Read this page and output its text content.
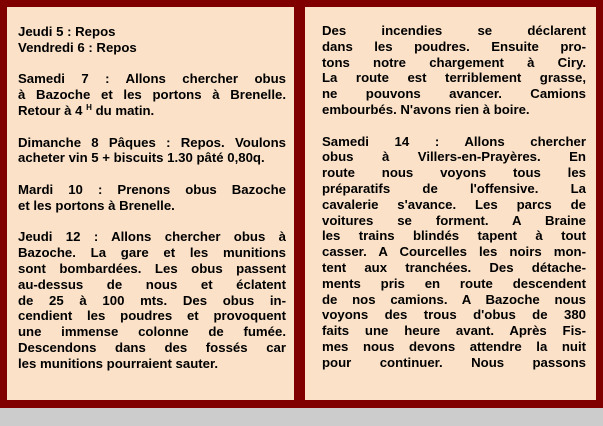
Jeudi 5 : Repos
Vendredi 6 : Repos
Samedi 7 : Allons chercher obus
à Bazoche et les portons à Brenelle.
Retour à 4 $^H$ du matin.
Dimanche 8 Pâques : Repos. Voulons
acheter vin 5 + biscuits 1.30 pâté 0,80q.
Mardi 10 : Prenons obus Bazoche
et les portons à Brenelle.
Jeudi 12 : Allons chercher obus à
Bazoche. La gare et les munitions
sont bombardées. Les obus passent
au-dessus de nous et éclatent
de 25 à 100 mts. Des obus in-
cendient les poudres et provoquent
une immense colonne de fumée.
Descendons dans des fossés car
les munitions pourraient sauter.
Des incendies se déclarent
dans les poudres. Ensuite pro-
tons notre chargement à Ciry.
La route est terriblement grasse,
ne pouvons avancer. Camions
embourbés. N'avons rien à boire.
Samedi 14 : Allons chercher
obus à Villers-en-Prayères. En
route nous voyons tous les
préparatifs de l'offensive. La
cavalerie s'avance. Les parcs de
voitures se forment. A Braine
les trains blindés tapent à tout
casser. A Courcelles les noirs mon-
tent aux tranchées. Des détache-
ments pris en route descendent
de nos camions. A Bazoche nous
voyons des trous d'obus de 380
faits une heure avant. Après Fis-
mes nous devons attendre la nuit
pour continuer. Nous passons
